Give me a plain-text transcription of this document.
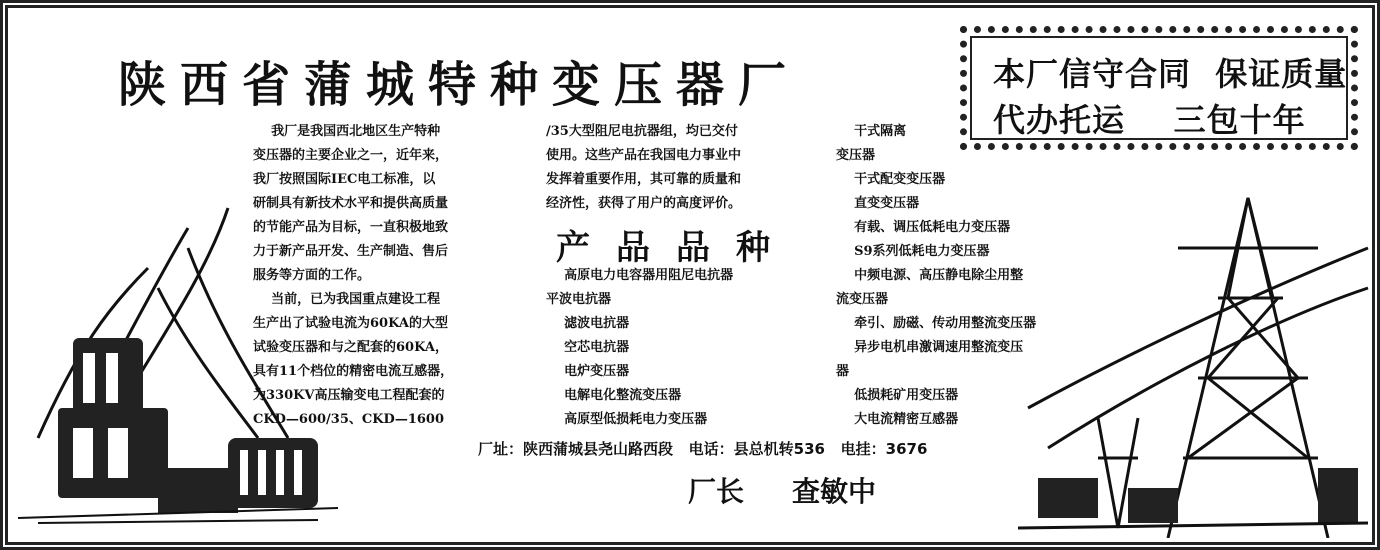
陕西省蒲城特种变压器厂	本厂信守合同  保证质量
代办托运    三包十年
我厂是我国西北地区生产特种
变压器的主要企业之一，近年来，
我厂按照国际IEC电工标准，以
研制具有新技术水平和提供高质量
的节能产品为目标，一直积极地致
力于新产品开发、生产制造、售后
服务等方面的工作。
当前，已为我国重点建设工程
生产出了试验电流为60KA的大型
试验变压器和与之配套的60KA，
具有11个档位的精密电流互感器，
为330KV高压输变电工程配套的
CKD—600/35、CKD—1600
/35大型阻尼电抗器组，均已交付
使用。这些产品在我国电力事业中
发挥着重要作用，其可靠的质量和
经济性，获得了用户的高度评价。
产品品种
高原电力电容器用阻尼电抗器
平波电抗器
滤波电抗器
空芯电抗器
电炉变压器
电解电化整流变压器
高原型低损耗电力变压器
干式隔离
变压器
干式配变变压器
直变变压器
有载、调压低耗电力变压器
S9系列低耗电力变压器
中频电源、高压静电除尘用整
流变压器
牵引、励磁、传动用整流变压器
异步电机串激调速用整流变压
器
低损耗矿用变压器
大电流精密互感器
厂址：陕西蒲城县尧山路西段   电话：县总机转536   电挂：3676
厂长 查敏中
